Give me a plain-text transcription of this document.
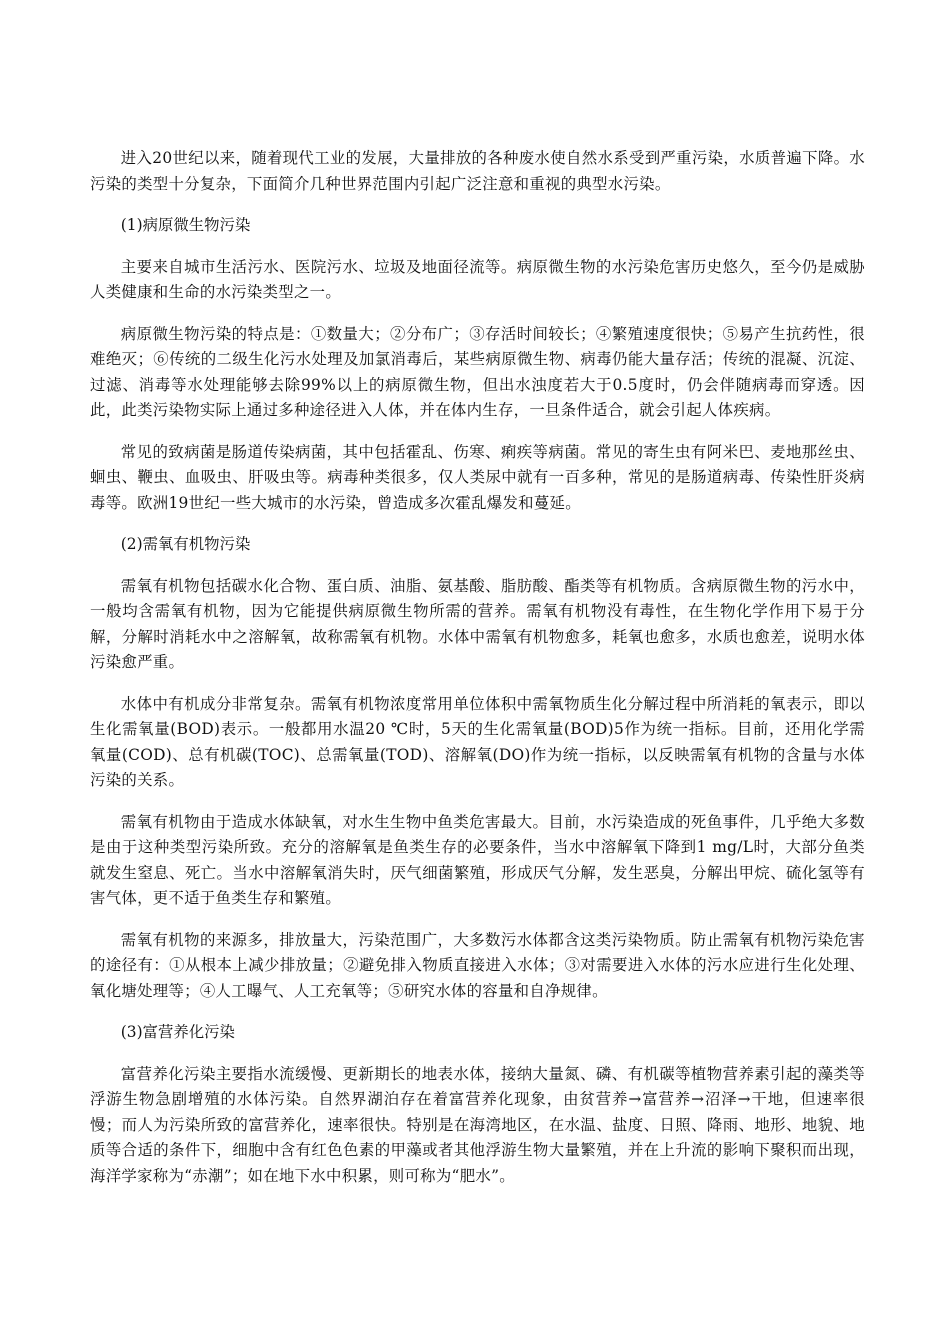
进入20世纪以来，随着现代工业的发展，大量排放的各种废水使自然水系受到严重污染，水质普遍下降。水污染的类型十分复杂，下面简介几种世界范围内引起广泛注意和重视的典型水污染。

(1)病原微生物污染

主要来自城市生活污水、医院污水、垃圾及地面径流等。病原微生物的水污染危害历史悠久，至今仍是威胁人类健康和生命的水污染类型之一。

病原微生物污染的特点是：①数量大；②分布广；③存活时间较长；④繁殖速度很快；⑤易产生抗药性，很难绝灭；⑥传统的二级生化污水处理及加氯消毒后，某些病原微生物、病毒仍能大量存活；传统的混凝、沉淀、过滤、消毒等水处理能够去除99%以上的病原微生物，但出水浊度若大于0.5度时，仍会伴随病毒而穿透。因此，此类污染物实际上通过多种途径进入人体，并在体内生存，一旦条件适合，就会引起人体疾病。

常见的致病菌是肠道传染病菌，其中包括霍乱、伤寒、痢疾等病菌。常见的寄生虫有阿米巴、麦地那丝虫、蛔虫、鞭虫、血吸虫、肝吸虫等。病毒种类很多，仅人类尿中就有一百多种，常见的是肠道病毒、传染性肝炎病毒等。欧洲19世纪一些大城市的水污染，曾造成多次霍乱爆发和蔓延。

(2)需氧有机物污染

需氧有机物包括碳水化合物、蛋白质、油脂、氨基酸、脂肪酸、酯类等有机物质。含病原微生物的污水中，一般均含需氧有机物，因为它能提供病原微生物所需的营养。需氧有机物没有毒性，在生物化学作用下易于分解，分解时消耗水中之溶解氧，故称需氧有机物。水体中需氧有机物愈多，耗氧也愈多，水质也愈差，说明水体污染愈严重。

水体中有机成分非常复杂。需氧有机物浓度常用单位体积中需氧物质生化分解过程中所消耗的氧表示，即以生化需氧量(BOD)表示。一般都用水温20 ℃时，5天的生化需氧量(BOD)5作为统一指标。目前，还用化学需氧量(COD)、总有机碳(TOC)、总需氧量(TOD)、溶解氧(DO)作为统一指标，以反映需氧有机物的含量与水体污染的关系。

需氧有机物由于造成水体缺氧，对水生生物中鱼类危害最大。目前，水污染造成的死鱼事件，几乎绝大多数是由于这种类型污染所致。充分的溶解氧是鱼类生存的必要条件，当水中溶解氧下降到1 mg/L时，大部分鱼类就发生窒息、死亡。当水中溶解氧消失时，厌气细菌繁殖，形成厌气分解，发生恶臭，分解出甲烷、硫化氢等有害气体，更不适于鱼类生存和繁殖。

需氧有机物的来源多，排放量大，污染范围广，大多数污水体都含这类污染物质。防止需氧有机物污染危害的途径有：①从根本上减少排放量；②避免排入物质直接进入水体；③对需要进入水体的污水应进行生化处理、氧化塘处理等；④人工曝气、人工充氧等；⑤研究水体的容量和自净规律。

(3)富营养化污染

富营养化污染主要指水流缓慢、更新期长的地表水体，接纳大量氮、磷、有机碳等植物营养素引起的藻类等浮游生物急剧增殖的水体污染。自然界湖泊存在着富营养化现象，由贫营养→富营养→沼泽→干地，但速率很慢；而人为污染所致的富营养化，速率很快。特别是在海湾地区，在水温、盐度、日照、降雨、地形、地貌、地质等合适的条件下，细胞中含有红色色素的甲藻或者其他浮游生物大量繁殖，并在上升流的影响下聚积而出现，海洋学家称为“赤潮”；如在地下水中积累，则可称为“肥水”。
